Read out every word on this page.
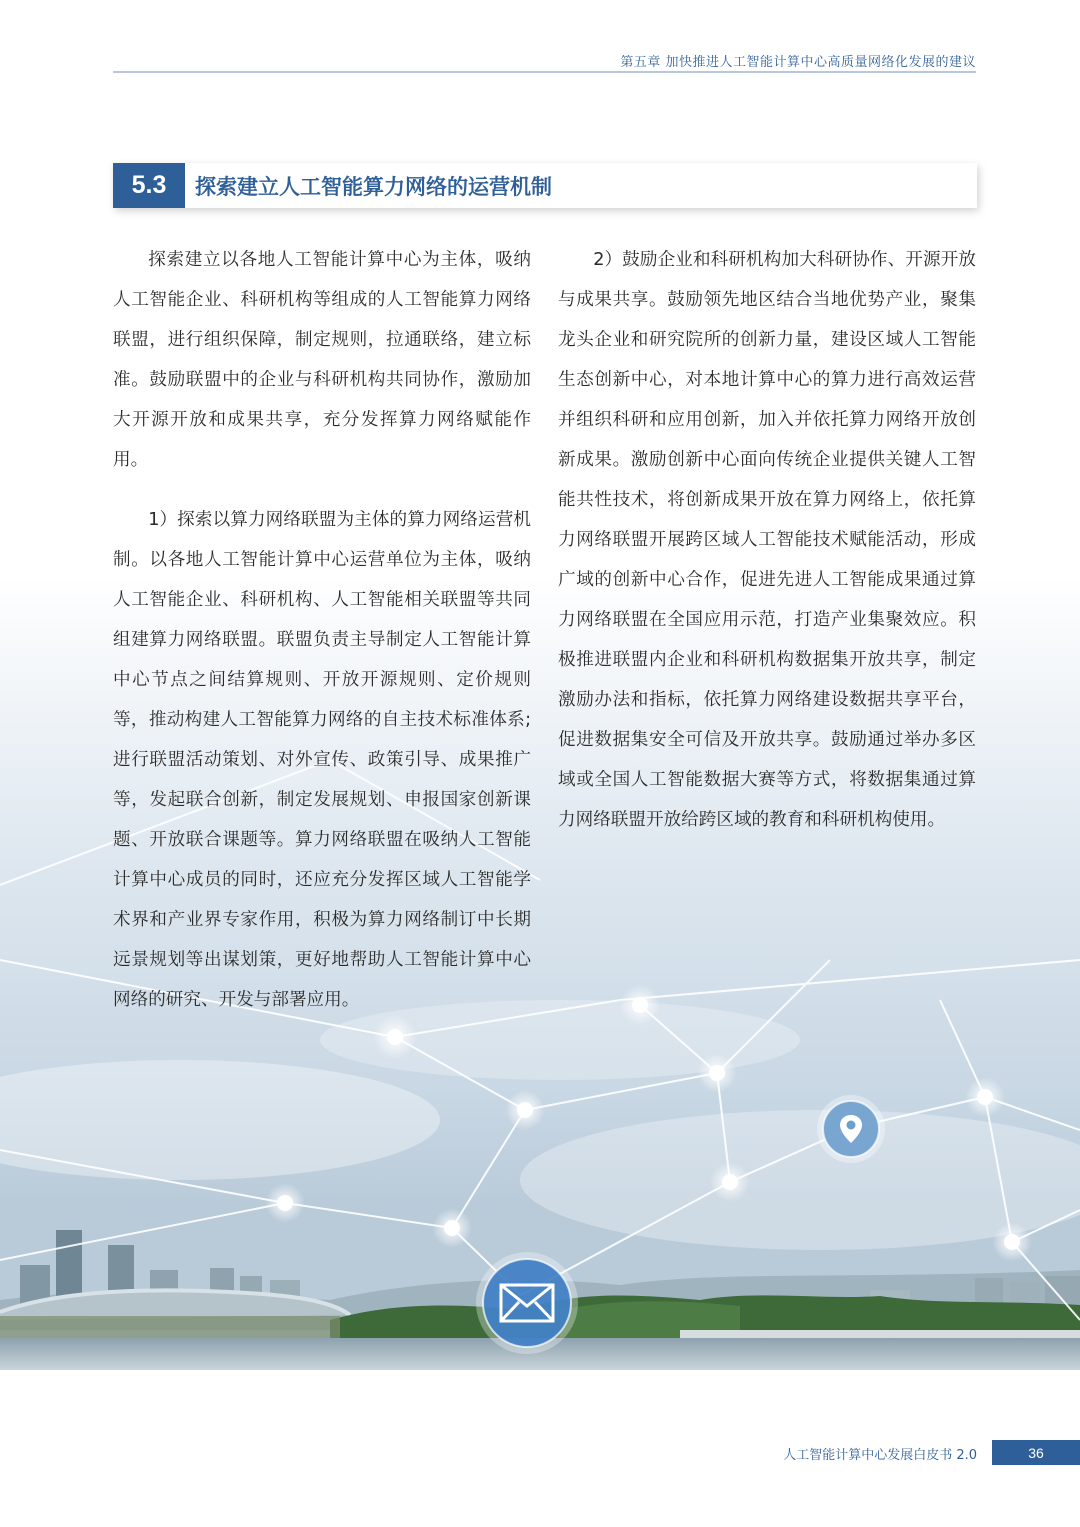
第五章 加快推进人工智能计算中心高质量网络化发展的建议
5.3	探索建立人工智能算力网络的运营机制

探索建立以各地人工智能计算中心为主体，吸纳人工智能企业、科研机构等组成的人工智能算力网络联盟，进行组织保障，制定规则，拉通联络，建立标准。鼓励联盟中的企业与科研机构共同协作，激励加大开源开放和成果共享，充分发挥算力网络赋能作用。

1）探索以算力网络联盟为主体的算力网络运营机制。以各地人工智能计算中心运营单位为主体，吸纳人工智能企业、科研机构、人工智能相关联盟等共同组建算力网络联盟。联盟负责主导制定人工智能计算中心节点之间结算规则、开放开源规则、定价规则等，推动构建人工智能算力网络的自主技术标准体系; 进行联盟活动策划、对外宣传、政策引导、成果推广等，发起联合创新，制定发展规划、申报国家创新课题、开放联合课题等。算力网络联盟在吸纳人工智能计算中心成员的同时，还应充分发挥区域人工智能学术界和产业界专家作用，积极为算力网络制订中长期远景规划等出谋划策，更好地帮助人工智能计算中心网络的研究、开发与部署应用。

2）鼓励企业和科研机构加大科研协作、开源开放与成果共享。鼓励领先地区结合当地优势产业，聚集龙头企业和研究院所的创新力量，建设区域人工智能生态创新中心，对本地计算中心的算力进行高效运营并组织科研和应用创新，加入并依托算力网络开放创新成果。激励创新中心面向传统企业提供关键人工智能共性技术，将创新成果开放在算力网络上，依托算力网络联盟开展跨区域人工智能技术赋能活动，形成广域的创新中心合作，促进先进人工智能成果通过算力网络联盟在全国应用示范，打造产业集聚效应。积极推进联盟内企业和科研机构数据集开放共享，制定激励办法和指标，依托算力网络建设数据共享平台，促进数据集安全可信及开放共享。鼓励通过举办多区域或全国人工智能数据大赛等方式，将数据集通过算力网络联盟开放给跨区域的教育和科研机构使用。

人工智能计算中心发展白皮书 2.0	36
